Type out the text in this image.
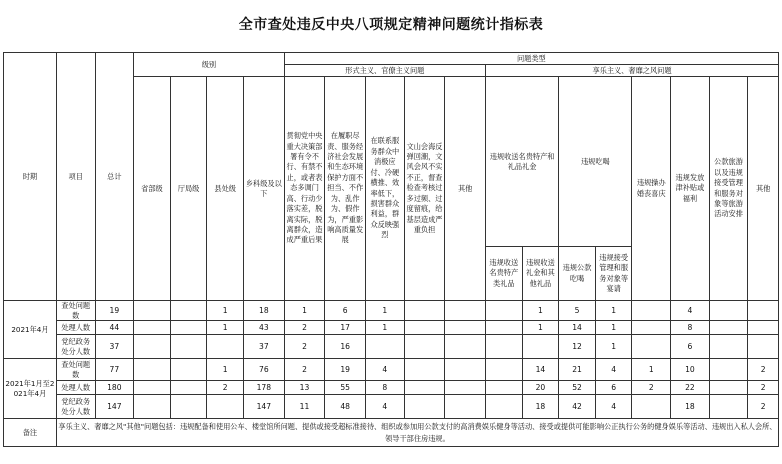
全市查处违反中央八项规定精神问题统计指标表
时期	项目	总计	级别				问题类型												
							形式主义、官僚主义问题					享乐主义、奢靡之风问题							
			省部级	厅局级	县处级	乡科级及以下	贯彻党中央重大决策部署有令不行、有禁不止，或者表态多调门高、行动少落实差，脱离实际，脱离群众，造成严重后果	在履职尽责、服务经济社会发展和生态环境保护方面不担当、不作为、乱作为、假作为，严重影响高质量发展	在联系服务群众中消极应付、冷硬横推、效率低下，损害群众利益，群众反映强烈	文山会海反弹回潮，文风会风不实不正，督查检查考核过多过频、过度留痕，给基层造成严重负担	其他	违规收送名贵特产和礼品礼金		违规吃喝		违规操办婚丧喜庆	违规发放津补贴或福利	公款旅游以及违规接受管理和服务对象等旅游活动安排	其他
												违规收送名贵特产类礼品	违规收送礼金和其他礼品	违规公款吃喝	违规接受管理和服务对象等宴请				
2021年4月	查处问题数	19			1	18	1	6	1				1	5	1		4		
	处理人数	44			1	43	2	17	1				1	14	1		8		
	党纪政务处分人数	37				37	2	16						12	1		6		
2021年1月至2021年4月	查处问题数	77			1	76	2	19	4				14	21	4	1	10		2
	处理人数	180			2	178	13	55	8				20	52	6	2	22		2
	党纪政务处分人数	147				147	11	48	4				18	42	4		18		2
备注	享乐主义、奢靡之风"其他"问题包括：违规配备和使用公车、楼堂馆所问题、提供或接受超标准接待、组织或参加用公款支付的高消费娱乐健身等活动、接受或提供可能影响公正执行公务的健身娱乐等活动、违规出入私人会所、领导干部住房违规。																		
